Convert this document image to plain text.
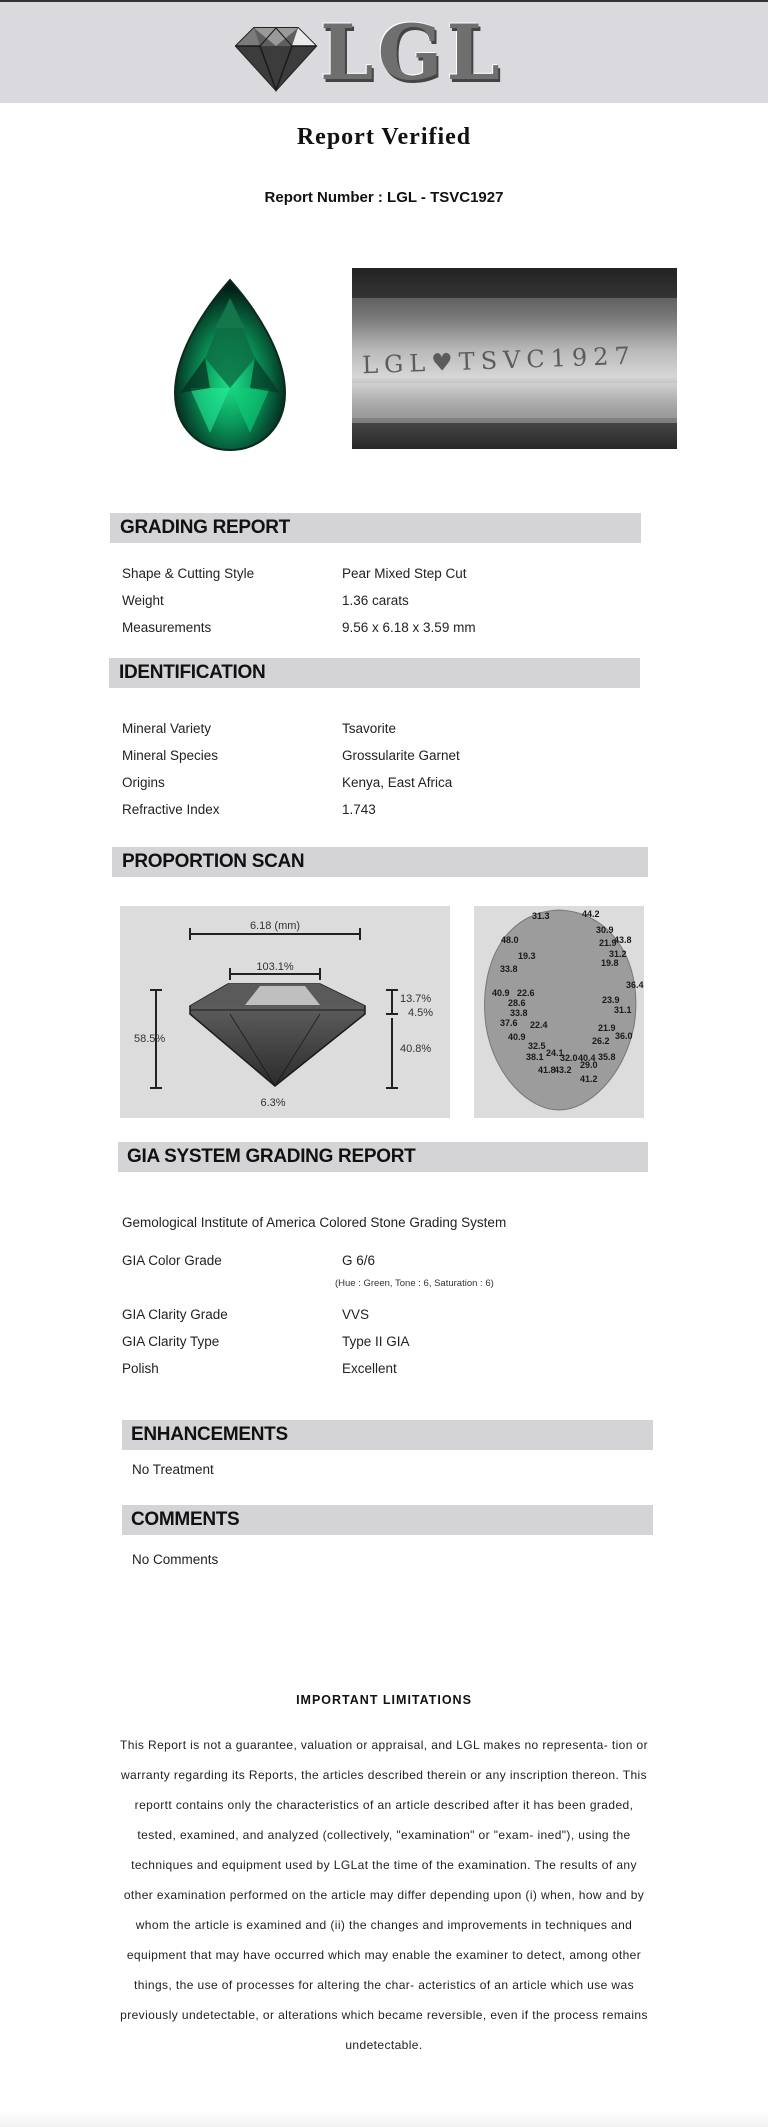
LGL
Report Verified
Report Number : LGL - TSVC1927
LGL♥TSVC1927
GRADING REPORT
Shape & Cutting Style	Pear Mixed Step Cut
Weight	1.36 carats
Measurements	9.56 x 6.18 x 3.59 mm
IDENTIFICATION
Mineral Variety	Tsavorite
Mineral Species	Grossularite Garnet
Origins	Kenya, East Africa
Refractive Index	1.743
PROPORTION SCAN
6.18 (mm)
103.1%
58.5%
13.7%
4.5%
40.8%
6.3%
31.3	44.2
30.9
48.0	21.9
43.8
19.3	31.2
19.8
33.8
36.4
40.9 22.6
28.6	23.9
33.8	31.1
37.6 22.4	21.9
36.0
40.9	26.2
32.5
24.1
38.1 32.0 40.4 35.8
41.8
43.2 29.0
41.2
GIA SYSTEM GRADING REPORT
Gemological Institute of America Colored Stone Grading System
GIA Color Grade	G 6/6
(Hue : Green, Tone : 6, Saturation : 6)
GIA Clarity Grade	VVS
GIA Clarity Type	Type II GIA
Polish	Excellent
ENHANCEMENTS
No Treatment
COMMENTS
No Comments
IMPORTANT LIMITATIONS
This Report is not a guarantee, valuation or appraisal, and LGL makes no representa- tion or warranty regarding its Reports, the articles described therein or any inscription thereon. This reportt contains only the characteristics of an article described after it has been graded, tested, examined, and analyzed (collectively, "examination" or "exam- ined"), using the techniques and equipment used by LGLat the time of the examination. The results of any other examination performed on the article may differ depending upon (i) when, how and by whom the article is examined and (ii) the changes and improvements in techniques and equipment that may have occurred which may enable the examiner to detect, among other things, the use of processes for altering the char- acteristics of an article which use was previously undetectable, or alterations which became reversible, even if the process remains undetectable.
